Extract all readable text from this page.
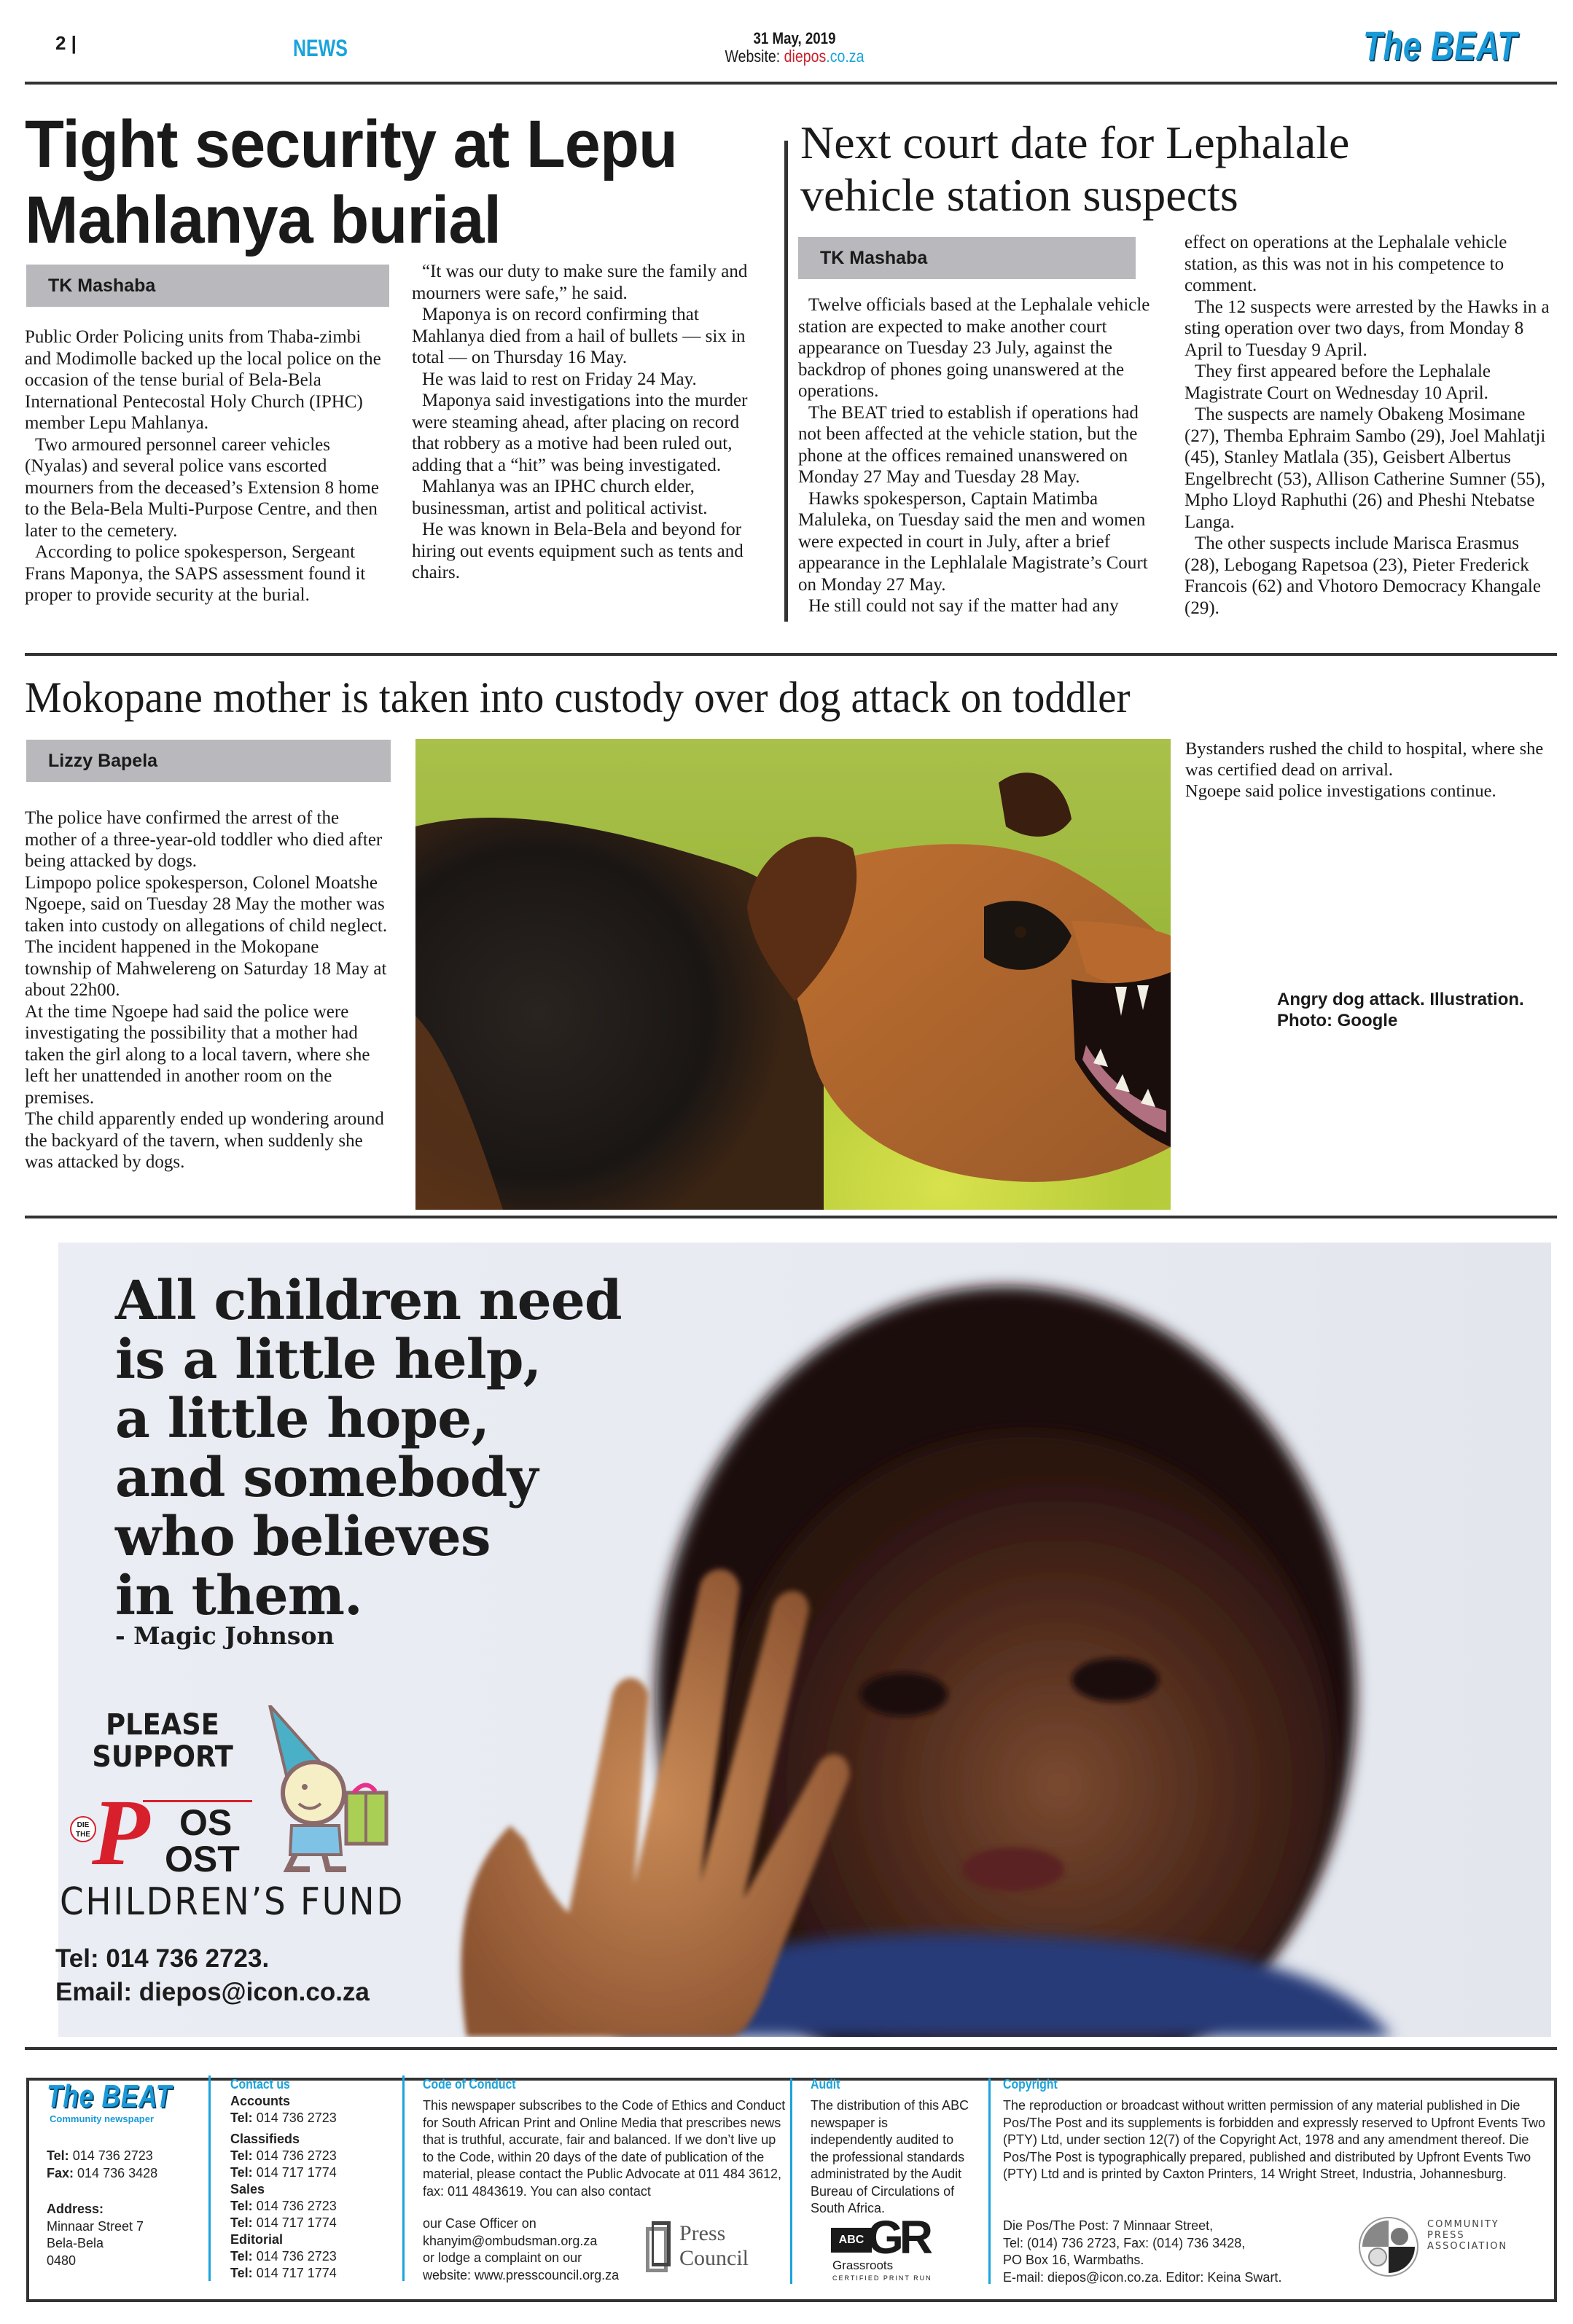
2 |	NEWS	31 May, 2019
Website: diepos.co.za	The BEAT
Tight security at Lepu
Mahlanya burial
TK Mashaba

Public Order Policing units from Thaba-zimbi and Modimolle backed up the local police on the occasion of the tense burial of Bela-Bela International Pentecostal Holy Church (IPHC) member Lepu Mahlanya.

Two armoured personnel career vehicles (Nyalas) and several police vans escorted mourners from the deceased’s Extension 8 home to the Bela-Bela Multi-Purpose Centre, and then later to the cemetery.

According to police spokesperson, Sergeant Frans Maponya, the SAPS assessment found it proper to provide security at the burial.

“It was our duty to make sure the family and mourners were safe,” he said.

Maponya is on record confirming that Mahlanya died from a hail of bullets — six in total — on Thursday 16 May.

He was laid to rest on Friday 24 May.

Maponya said investigations into the murder were steaming ahead, after placing on record that robbery as a motive had been ruled out, adding that a “hit” was being investigated.

Mahlanya was an IPHC church elder, businessman, artist and political activist.

He was known in Bela-Bela and beyond for hiring out events equipment such as tents and chairs.

Next court date for Lephalale
vehicle station suspects
TK Mashaba

Twelve officials based at the Lephalale vehicle station are expected to make another court appearance on Tuesday 23 July, against the backdrop of phones going unanswered at the operations.

The BEAT tried to establish if operations had not been affected at the vehicle station, but the phone at the offices remained unanswered on Monday 27 May and Tuesday 28 May.

Hawks spokesperson, Captain Matimba Maluleka, on Tuesday said the men and women were expected in court in July, after a brief appearance in the Lephlalale Magistrate’s Court on Monday 27 May.

He still could not say if the matter had any

effect on operations at the Lephalale vehicle station, as this was not in his competence to comment.

The 12 suspects were arrested by the Hawks in a sting operation over two days, from Monday 8 April to Tuesday 9 April.

They first appeared before the Lephalale Magistrate Court on Wednesday 10 April.

The suspects are namely Obakeng Mosimane (27), Themba Ephraim Sambo (29), Joel Mahlatji (45), Stanley Matlala (35), Geisbert Albertus Engelbrecht (53), Allison Catherine Sumner (55), Mpho Lloyd Raphuthi (26) and Pheshi Ntebatse Langa.

The other suspects include Marisca Erasmus (28), Lebogang Rapetsoa (23), Pieter Frederick Francois (62) and Vhotoro Democracy Khangale (29).

Mokopane mother is taken into custody over dog attack on toddler
Lizzy Bapela

The police have confirmed the arrest of the mother of a three-year-old toddler who died after being attacked by dogs.

Limpopo police spokesperson, Colonel Moatshe Ngoepe, said on Tuesday 28 May the mother was taken into custody on allegations of child neglect.

The incident happened in the Mokopane township of Mahwelereng on Saturday 18 May at about 22h00.

At the time Ngoepe had said the police were investigating the possibility that a mother had taken the girl along to a local tavern, where she left her unattended in another room on the premises.

The child apparently ended up wondering around the backyard of the tavern, when suddenly she was attacked by dogs.

Bystanders rushed the child to hospital, where she was certified dead on arrival.

Ngoepe said police investigations continue.

Angry dog attack. Illustration.
Photo: Google
All children need
is a little help,
a little hope,
and somebody
who believes
in them.
- Magic Johnson
PLEASE
SUPPORT
DIE
THE P OS
OST
CHILDREN’S FUND
Tel: 014 736 2723.
Email: diepos@icon.co.za
The BEAT
Community newspaper
Tel: 014 736 2723
Fax: 014 736 3428
Address:
Minnaar Street 7
Bela-Bela
0480
Contact us
Accounts
Tel: 014 736 2723
Classifieds
Tel: 014 736 2723
Tel: 014 717 1774
Sales
Tel: 014 736 2723
Tel: 014 717 1774
Editorial
Tel: 014 736 2723
Tel: 014 717 1774
Code of Conduct
This newspaper subscribes to the Code of Ethics and Conduct for South African Print and Online Media that prescribes news that is truthful, accurate, fair and balanced. If we don’t live up to the Code, within 20 days of the date of publication of the material, please contact the Public Advocate at 011 484 3612, fax: 011 4843619. You can also contact
our Case Officer on
khanyim@ombudsman.org.za
or lodge a complaint on our
website: www.presscouncil.org.za
Press
Council
Audit
The distribution of this ABC newspaper is independently audited to the professional standards administrated by the Audit Bureau of Circulations of South Africa.
ABC GR
Grassroots
CERTIFIED PRINT RUN
Copyright
The reproduction or broadcast without written permission of any material published in Die Pos/The Post and its supplements is forbidden and expressly reserved to Upfront Events Two (PTY) Ltd, under section 12(7) of the Copyright Act, 1978 and any amendment thereof. Die Pos/The Post is typographically prepared, published and distributed by Upfront Events Two (PTY) Ltd and is printed by Caxton Printers, 14 Wright Street, Industria, Johannesburg.
Die Pos/The Post: 7 Minnaar Street,
Tel: (014) 736 2723, Fax: (014) 736 3428,
PO Box 16, Warmbaths.
E-mail: diepos@icon.co.za. Editor: Keina Swart.
COMMUNITY
PRESS
ASSOCIATION
